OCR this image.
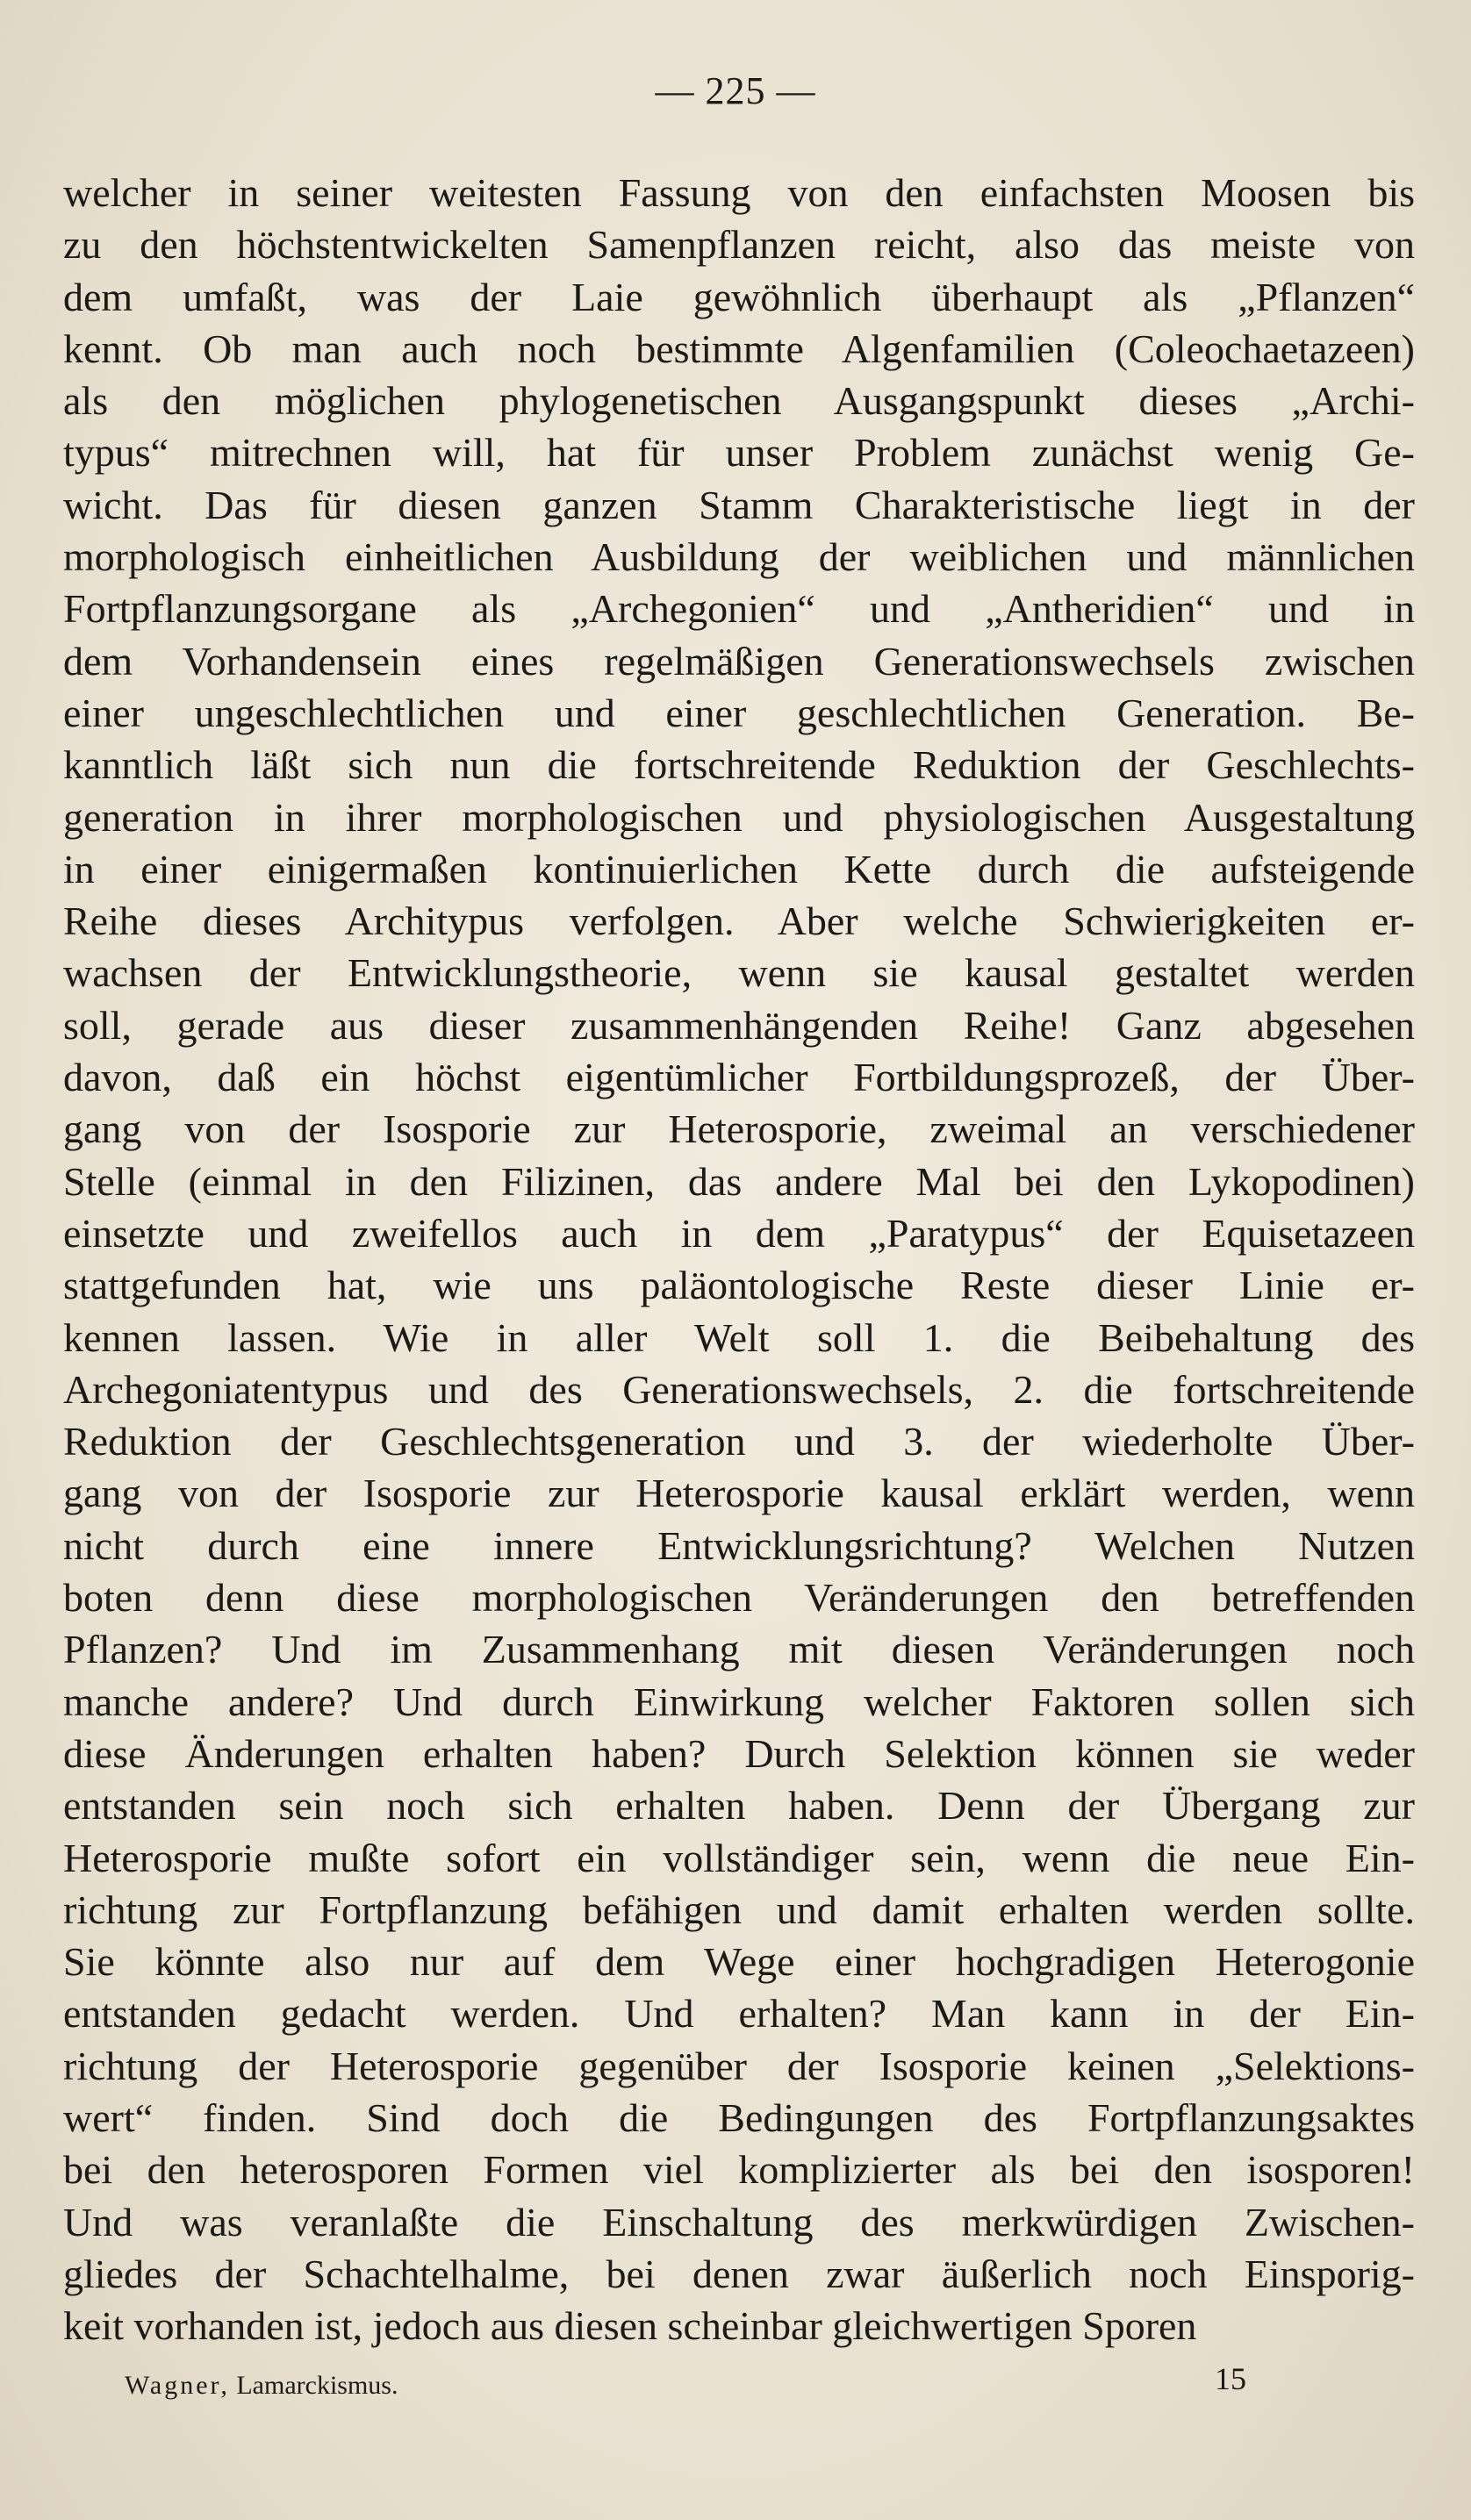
— 225 —
welcher in seiner weitesten Fassung von den einfachsten Moosen bis
zu den höchstentwickelten Samenpflanzen reicht, also das meiste von
dem umfaßt, was der Laie gewöhnlich überhaupt als „Pflanzen“
kennt. Ob man auch noch bestimmte Algenfamilien (Coleochaetazeen)
als den möglichen phylogenetischen Ausgangspunkt dieses „Archi-
typus“ mitrechnen will, hat für unser Problem zunächst wenig Ge-
wicht. Das für diesen ganzen Stamm Charakteristische liegt in der
morphologisch einheitlichen Ausbildung der weiblichen und männlichen
Fortpflanzungsorgane als „Archegonien“ und „Antheridien“ und in
dem Vorhandensein eines regelmäßigen Generationswechsels zwischen
einer ungeschlechtlichen und einer geschlechtlichen Generation. Be-
kanntlich läßt sich nun die fortschreitende Reduktion der Geschlechts-
generation in ihrer morphologischen und physiologischen Ausgestaltung
in einer einigermaßen kontinuierlichen Kette durch die aufsteigende
Reihe dieses Architypus verfolgen. Aber welche Schwierigkeiten er-
wachsen der Entwicklungstheorie, wenn sie kausal gestaltet werden
soll, gerade aus dieser zusammenhängenden Reihe! Ganz abgesehen
davon, daß ein höchst eigentümlicher Fortbildungsprozeß, der Über-
gang von der Isosporie zur Heterosporie, zweimal an verschiedener
Stelle (einmal in den Filizinen, das andere Mal bei den Lykopodinen)
einsetzte und zweifellos auch in dem „Paratypus“ der Equisetazeen
stattgefunden hat, wie uns paläontologische Reste dieser Linie er-
kennen lassen. Wie in aller Welt soll 1. die Beibehaltung des
Archegoniatentypus und des Generationswechsels, 2. die fortschreitende
Reduktion der Geschlechtsgeneration und 3. der wiederholte Über-
gang von der Isosporie zur Heterosporie kausal erklärt werden, wenn
nicht durch eine innere Entwicklungsrichtung? Welchen Nutzen
boten denn diese morphologischen Veränderungen den betreffenden
Pflanzen? Und im Zusammenhang mit diesen Veränderungen noch
manche andere? Und durch Einwirkung welcher Faktoren sollen sich
diese Änderungen erhalten haben? Durch Selektion können sie weder
entstanden sein noch sich erhalten haben. Denn der Übergang zur
Heterosporie mußte sofort ein vollständiger sein, wenn die neue Ein-
richtung zur Fortpflanzung befähigen und damit erhalten werden sollte.
Sie könnte also nur auf dem Wege einer hochgradigen Heterogonie
entstanden gedacht werden. Und erhalten? Man kann in der Ein-
richtung der Heterosporie gegenüber der Isosporie keinen „Selektions-
wert“ finden. Sind doch die Bedingungen des Fortpflanzungsaktes
bei den heterosporen Formen viel komplizierter als bei den isosporen!
Und was veranlaßte die Einschaltung des merkwürdigen Zwischen-
gliedes der Schachtelhalme, bei denen zwar äußerlich noch Einsporig-
keit vorhanden ist, jedoch aus diesen scheinbar gleichwertigen Sporen
Wagner, Lamarckismus.	15
